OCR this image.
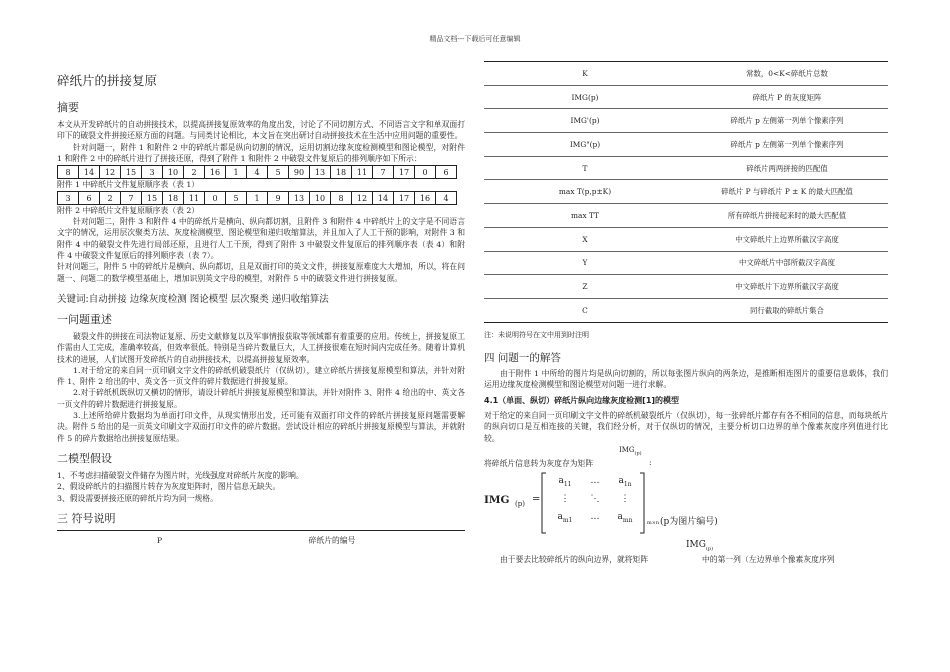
精品文档---下载后可任意编辑
碎纸片的拼接复原
摘要

本文从开发碎纸片的自动拼接技术，以提高拼接复原效率的角度出发，讨论了不同切割方式、不同语言文字和单双面打印下的破裂文件拼接还原方面的问题。与同类讨论相比，本文旨在突出研讨自动拼接技术在生活中应用问题的重要性。

针对问题一，附件 1 和附件 2 中的碎纸片都是纵向切割的情况，运用切割边缘灰度检测模型和图论模型，对附件 1 和附件 2 中的碎纸片进行了拼接还原，得到了附件 1 和附件 2 中破裂文件复原后的排列顺序如下所示：

8	14	12	15	3	10	2	16	1	4	5	90	13	18	11	7	17	0	6
附件 1 中碎纸片文件复原顺序表（表 1）
3	6	2	7	15	18	11	0	5	1	9	13	10	8	12	14	17	16	4
附件 2 中碎纸片文件复原顺序表（表 2）

针对问题二，附件 3 和附件 4 中的碎纸片是横向、纵向都切割，且附件 3 和附件 4 中碎纸片上的文字是不同语言文字的情况，运用层次聚类方法、灰度检测模型、图论模型和递归收缩算法，并且加入了人工干预的影响，对附件 3 和附件 4 中的破裂文件先进行局部还原，且进行人工干预，得到了附件 3 中破裂文件复原后的排列顺序表（表 4）和附件 4 中破裂文件复原后的排列顺序表（表 7）。

针对问题三，附件 5 中的碎纸片是横向、纵向都切，且是双面打印的英文文件，拼接复原难度大大增加，所以，将在问题一、问题二的数学模型基础上，增加识别英文字母的模型，对附件 5 中的破裂文件进行拼接复原。

关键词:自动拼接 边缘灰度检测 图论模型 层次聚类 递归收缩算法
一问题重述

破裂文件的拼接在司法物证复原、历史文献修复以及军事情报获取等领域都有着重要的应用。传统上，拼接复原工作需由人工完成，准确率较高，但效率很低。特别是当碎片数量巨大，人工拼接很难在短时间内完成任务。随着计算机技术的进展，人们试图开发碎纸片的自动拼接技术，以提高拼接复原效率。

1.对于给定的来自同一页印刷文字文件的碎纸机破裂纸片（仅纵切），建立碎纸片拼接复原模型和算法，并针对附件 1、附件 2 给出的中、英文各一页文件的碎片数据进行拼接复原。

2.对于碎纸机既纵切又横切的情形，请设计碎纸片拼接复原模型和算法，并针对附件 3、附件 4 给出的中、英文各一页文件的碎片数据进行拼接复原。

3.上述所给碎片数据均为单面打印文件，从现实情形出发，还可能有双面打印文件的碎纸片拼接复原问题需要解决。附件 5 给出的是一页英文印刷文字双面打印文件的碎片数据。尝试设计相应的碎纸片拼接复原模型与算法，并就附件 5 的碎片数据给出拼接复原结果。

二模型假设

1、不考虑扫描破裂文件储存为图片时，光线强度对碎纸片灰度的影响。

2、假设碎纸片的扫描图片转存为灰度矩阵时，图片信息无缺失。

3、假设需要拼接还原的碎纸片均为同一规格。

三 符号说明
P	碎纸片的编号
K	常数，0<K<碎纸片总数
IMG(p)	碎纸片 P 的灰度矩阵
IMG'(p)	碎纸片 p 左侧第一列单个像素序列
IMG"(p)	碎纸片 p 左侧第一列单个像素序列
T	碎纸片两两拼接的匹配值
max T(p,p±K)	碎纸片 P 与碎纸片 P ± K 的最大匹配值
max TT	所有碎纸片拼接起来时的最大匹配值
X	中文碎纸片上边界所截汉字高度
Y	中文碎纸片中部所截汉字高度
Z	中文碎纸片下边界所截汉字高度
C	同行截取的碎纸片集合
注：未说明符号在文中用到时注明
四 问题一的解答

由于附件 1 中所给的图片均是纵向切割的，所以每张图片纵向的两条边，是推断相连图片的重要信息载体，我们运用边缘灰度检测模型和图论模型对问题一进行求解。

4.1（单面、纵切）碎纸片纵向边缘灰度检测[1]的模型

对于给定的来自同一页印刷文字文件的碎纸机破裂纸片（仅纵切），每一张碎纸片都存有各不相同的信息，而每块纸片的纵向切口是互相连接的关键，我们经分析，对于仅纵切的情况，主要分析切口边界的单个像素灰度序列值进行比较。

$IMG_{(p)}$
将碎纸片信息转为灰度存为矩阵	:
IMG (p) =
$a_{11}$	…	$a_{1n}$
⋮	⋱	⋮
$a_{m1}$	…	$a_{mn}$	m×n (p为图片编号)
$IMG_{(p)}$
由于要去比较碎纸片的纵向边界，就将矩阵	中的第一列（左边界单个像素灰度序列
